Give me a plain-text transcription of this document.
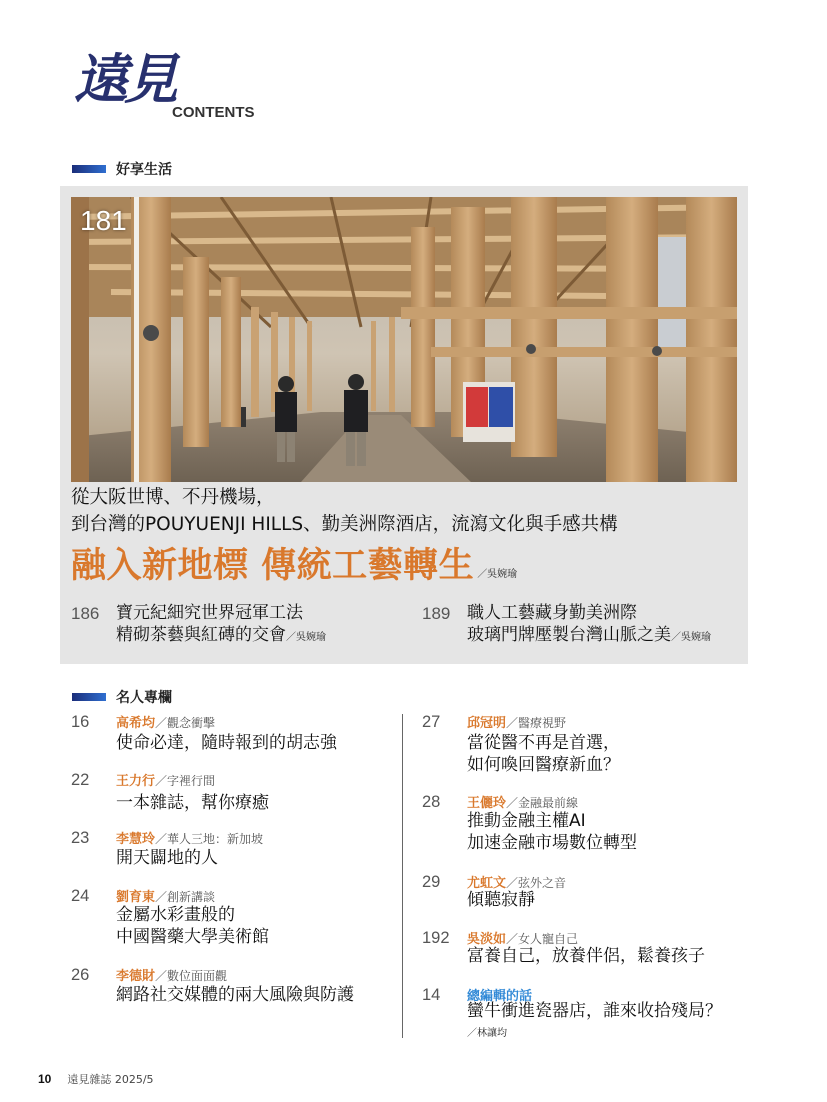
遠見
CONTENTS
好享生活
181
從大阪世博、不丹機場，
到台灣的POUYUENJI HILLS、勤美洲際酒店，流瀉文化與手感共構
融入新地標 傳統工藝轉生 ／吳婉瑜
186 寶元紀細究世界冠軍工法
精砌茶藝與紅磚的交會／吳婉瑜
189 職人工藝藏身勤美洲際
玻璃門牌壓製台灣山脈之美／吳婉瑜
名人專欄
16 高希均／觀念衝擊
使命必達，隨時報到的胡志強
22 王力行／字裡行間
一本雜誌，幫你療癒
23 李慧玲／華人三地：新加坡
開天闢地的人
24 劉育東／創新講談
金屬水彩畫般的
中國醫藥大學美術館
26 李德財／數位面面觀
網路社交媒體的兩大風險與防護
27 邱冠明／醫療視野
當從醫不再是首選，
如何喚回醫療新血？
28 王儷玲／金融最前線
推動金融主權AI
加速金融市場數位轉型
29 尤虹文／弦外之音
傾聽寂靜
192 吳淡如／女人寵自己
富養自己，放養伴侶，鬆養孩子
14 總編輯的話
蠻牛衝進瓷器店，誰來收拾殘局？
／林讓均
10 遠見雜誌 2025/5
